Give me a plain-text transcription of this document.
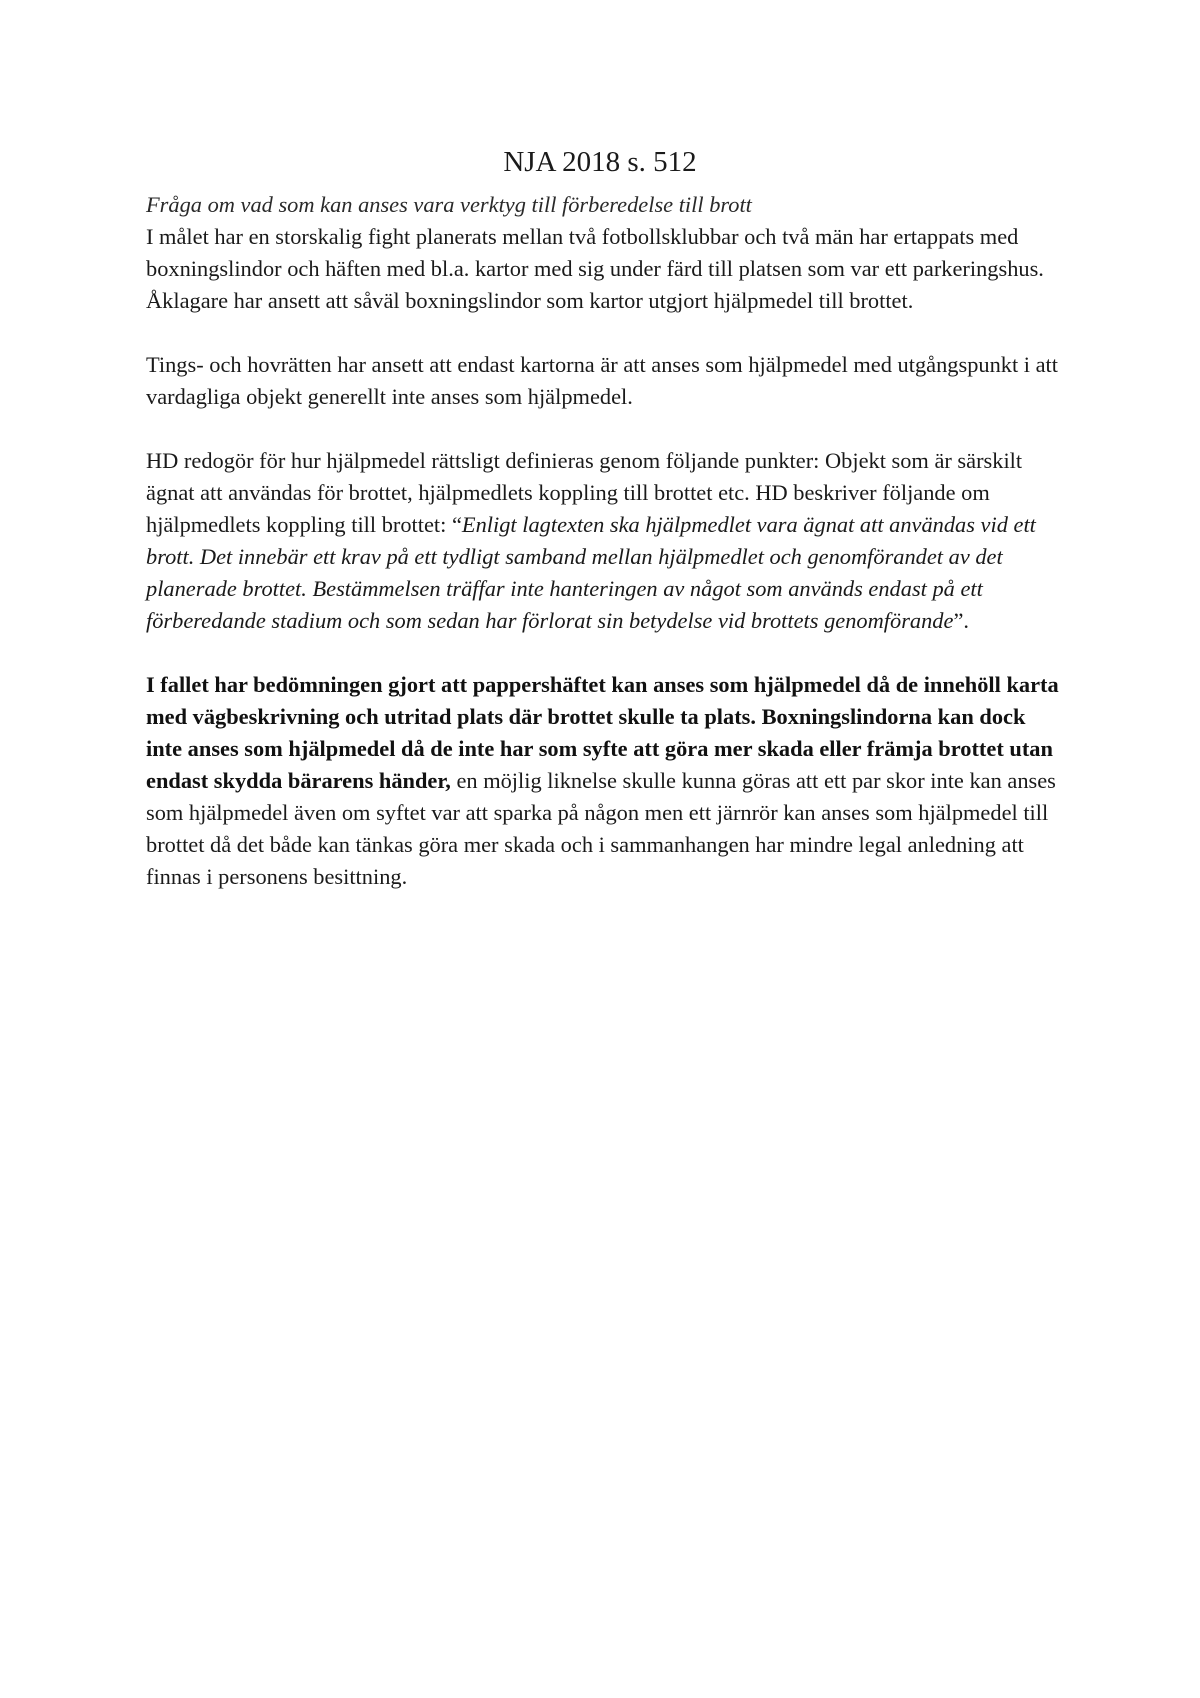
NJA 2018 s. 512

Fråga om vad som kan anses vara verktyg till förberedelse till brott

I målet har en storskalig fight planerats mellan två fotbollsklubbar och två män har ertappats med boxningslindor och häften med bl.a. kartor med sig under färd till platsen som var ett parkeringshus. Åklagare har ansett att såväl boxningslindor som kartor utgjort hjälpmedel till brottet.

Tings- och hovrätten har ansett att endast kartorna är att anses som hjälpmedel med utgångspunkt i att vardagliga objekt generellt inte anses som hjälpmedel.

HD redogör för hur hjälpmedel rättsligt definieras genom följande punkter: Objekt som är särskilt ägnat att användas för brottet, hjälpmedlets koppling till brottet etc. HD beskriver följande om hjälpmedlets koppling till brottet: “Enligt lagtexten ska hjälpmedlet vara ägnat att användas vid ett brott. Det innebär ett krav på ett tydligt samband mellan hjälpmedlet och genomförandet av det planerade brottet. Bestämmelsen träffar inte hanteringen av något som används endast på ett förberedande stadium och som sedan har förlorat sin betydelse vid brottets genomförande”.

I fallet har bedömningen gjort att pappershäftet kan anses som hjälpmedel då de innehöll karta med vägbeskrivning och utritad plats där brottet skulle ta plats. Boxningslindorna kan dock inte anses som hjälpmedel då de inte har som syfte att göra mer skada eller främja brottet utan endast skydda bärarens händer, en möjlig liknelse skulle kunna göras att ett par skor inte kan anses som hjälpmedel även om syftet var att sparka på någon men ett järnrör kan anses som hjälpmedel till brottet då det både kan tänkas göra mer skada och i sammanhangen har mindre legal anledning att finnas i personens besittning.
